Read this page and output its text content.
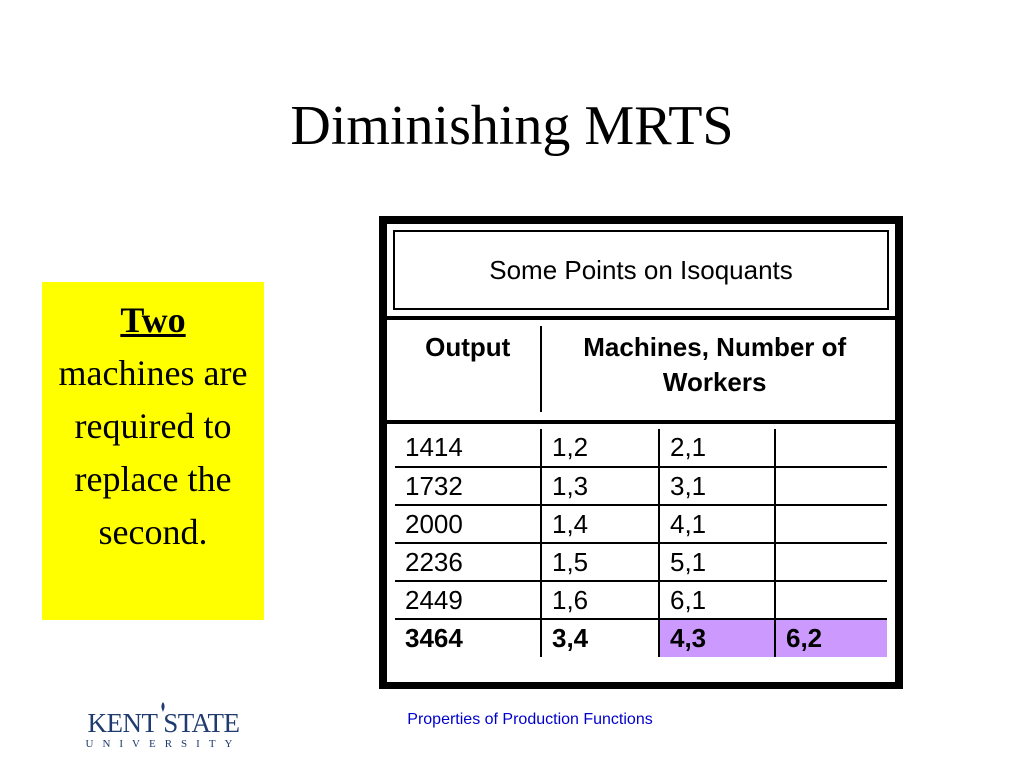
Diminishing MRTS
Two
machines are required to replace the second.
Some Points on Isoquants
Output	Machines, Number of Workers
1414	1,2	2,1	
1732	1,3	3,1	
2000	1,4	4,1	
2236	1,5	5,1	
2449	1,6	6,1	
3464	3,4	4,3	6,2
KENT STATE
UNIVERSITY
Properties of Production Functions
